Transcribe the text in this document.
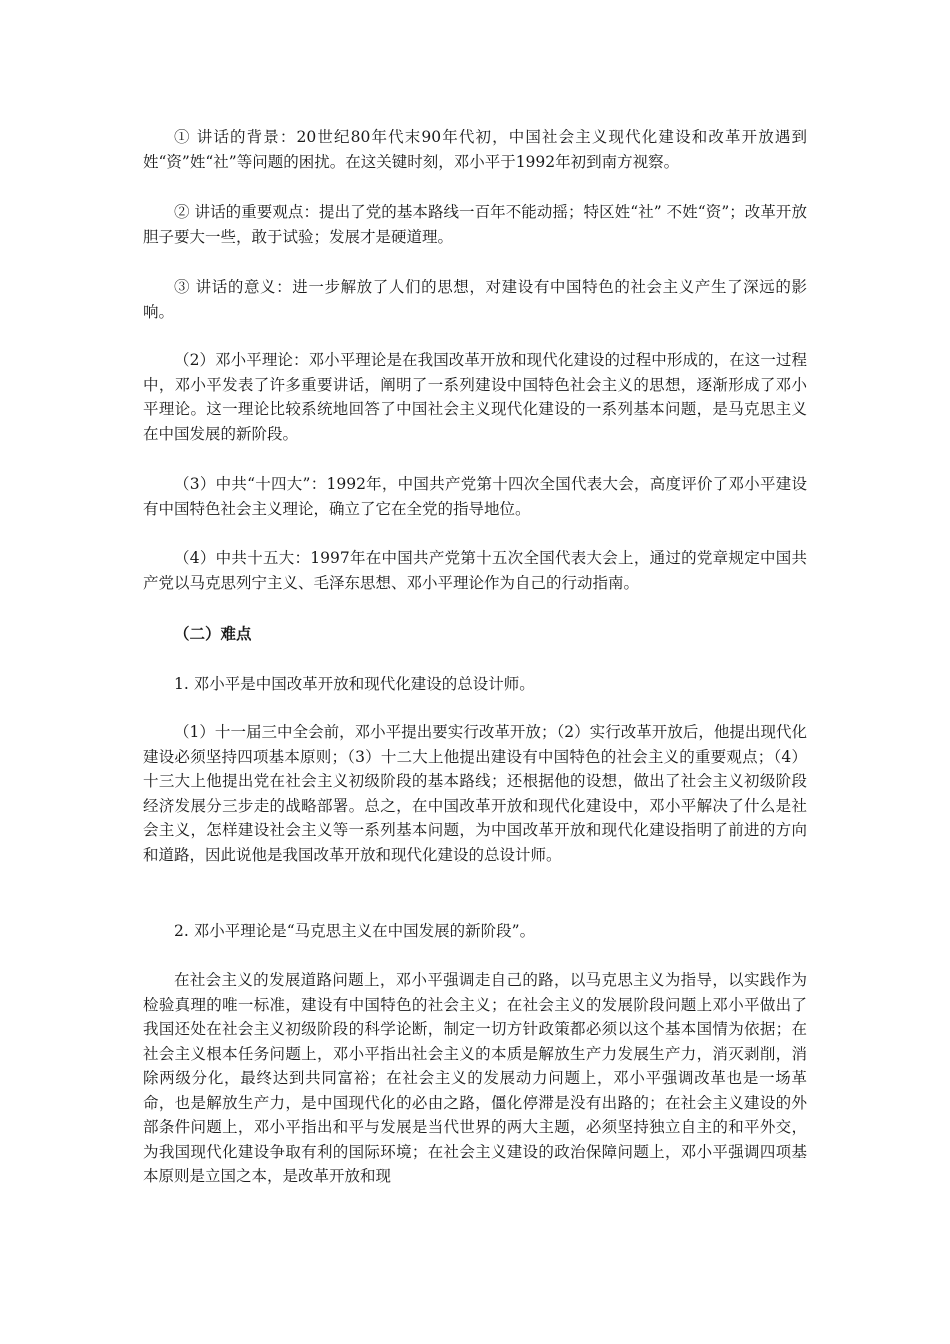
① 讲话的背景：20世纪80年代末90年代初，中国社会主义现代化建设和改革开放遇到姓“资”姓“社”等问题的困扰。在这关键时刻，邓小平于1992年初到南方视察。

② 讲话的重要观点：提出了党的基本路线一百年不能动摇；特区姓“社” 不姓“资”；改革开放胆子要大一些，敢于试验；发展才是硬道理。

③ 讲话的意义：进一步解放了人们的思想，对建设有中国特色的社会主义产生了深远的影响。

（2）邓小平理论：邓小平理论是在我国改革开放和现代化建设的过程中形成的，在这一过程中，邓小平发表了许多重要讲话，阐明了一系列建设中国特色社会主义的思想，逐渐形成了邓小平理论。这一理论比较系统地回答了中国社会主义现代化建设的一系列基本问题，是马克思主义在中国发展的新阶段。

（3）中共“十四大”：1992年，中国共产党第十四次全国代表大会，高度评价了邓小平建设有中国特色社会主义理论，确立了它在全党的指导地位。

（4）中共十五大：1997年在中国共产党第十五次全国代表大会上，通过的党章规定中国共产党以马克思列宁主义、毛泽东思想、邓小平理论作为自己的行动指南。

（二）难点

1. 邓小平是中国改革开放和现代化建设的总设计师。

（1）十一届三中全会前，邓小平提出要实行改革开放；（2）实行改革开放后，他提出现代化建设必须坚持四项基本原则；（3）十二大上他提出建设有中国特色的社会主义的重要观点；（4）十三大上他提出党在社会主义初级阶段的基本路线；还根据他的设想，做出了社会主义初级阶段经济发展分三步走的战略部署。总之，在中国改革开放和现代化建设中，邓小平解决了什么是社会主义，怎样建设社会主义等一系列基本问题，为中国改革开放和现代化建设指明了前进的方向和道路，因此说他是我国改革开放和现代化建设的总设计师。

2. 邓小平理论是“马克思主义在中国发展的新阶段”。

在社会主义的发展道路问题上，邓小平强调走自己的路，以马克思主义为指导，以实践作为检验真理的唯一标准，建设有中国特色的社会主义；在社会主义的发展阶段问题上邓小平做出了我国还处在社会主义初级阶段的科学论断，制定一切方针政策都必须以这个基本国情为依据；在社会主义根本任务问题上，邓小平指出社会主义的本质是解放生产力发展生产力，消灭剥削，消除两级分化，最终达到共同富裕；在社会主义的发展动力问题上，邓小平强调改革也是一场革命，也是解放生产力，是中国现代化的必由之路，僵化停滞是没有出路的；在社会主义建设的外部条件问题上，邓小平指出和平与发展是当代世界的两大主题，必须坚持独立自主的和平外交，为我国现代化建设争取有利的国际环境；在社会主义建设的政治保障问题上，邓小平强调四项基本原则是立国之本，是改革开放和现
